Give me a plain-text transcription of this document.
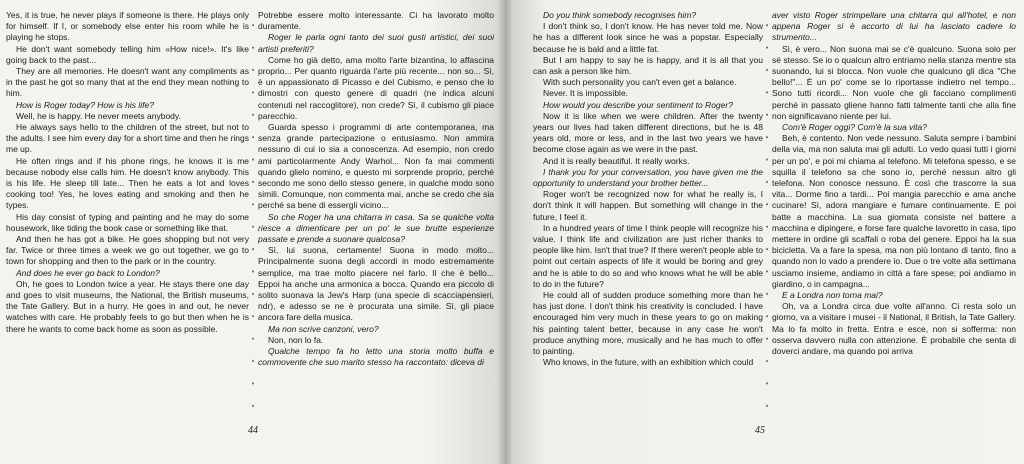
Yes, it is true, he never plays if someone is there. He plays only for himself. If I, or somebody else enter his room while he is playing he stops.

He don't want somebody telling him «How nice!». It's like going back to the past...

They are all memories. He doesn't want any compliments as in the past he got so many that at the end they mean nothing to him.

How is Roger today? How is his life?

Well, he is happy. He never meets anybody.

He always says hello to the children of the street, but not to the adults. I see him every day for a short time and then he rings me up.

He often rings and if his phone rings, he knows it is me because nobody else calls him. He doesn't know anybody. This is his life. He sleep till late... Then he eats a lot and loves cooking too! Yes, he loves eating and smoking and then he types.

His day consist of typing and painting and he may do some housework, like tiding the book case or something like that.

And then he has got a bike. He goes shopping but not very far. Twice or three times a week we go out together, we go to town for shopping and then to the park or in the country.

And does he ever go back to London?

Oh, he goes to London twice a year. He stays there one day and goes to visit museums, the National, the British museums, the Tate Gallery. But in a hurry. He goes in and out, he never watches with care. He probably feels to go but then when he is there he wants to come back home as soon as possible.

Potrebbe essere molto interessante. Ci ha lavorato molto duramente.

Roger le parla ogni tanto dei suoi gusti artistici, dei suoi artisti preferiti?

Come ho già detto, ama molto l'arte bizantina, lo affascina proprio... Per quanto riguarda l'arte più recente... non so... Sì, è un appassionato di Picasso e del Cubismo, e penso che lo dimostri con questo genere di quadri (ne indica alcuni contenuti nel raccoglitore), non crede? Sì, il cubismo gli piace parecchio.

Guarda spesso i programmi di arte contemporanea, ma senza grande partecipazione o entusiasmo. Non ammira nessuno di cui io sia a conoscenza. Ad esempio, non credo ami particolarmente Andy Warhol... Non fa mai commenti quando glielo nomino, e questo mi sorprende proprio, perché secondo me sono dello stesso genere, in qualche modo sono simili. Comunque, non commenta mai, anche se credo che sia perché sa bene di essergli vicino...

So che Roger ha una chitarra in casa. Sa se qualche volta riesce a dimenticare per un po' le sue brutte esperienze passate e prende a suonare qualcosa?

Sì, lui suona, certamente! Suona in modo molto... Principalmente suona degli accordi in modo estremamente semplice, ma trae molto piacere nel farlo. Il che è bello... Eppoi ha anche una armonica a bocca. Quando era piccolo di solito suonava la Jew's Harp (una specie di scacciapensieri, ndr), e adesso se ne è procurata una simile. Sì, gli piace ancora fare della musica.

Ma non scrive canzoni, vero?

Non, non lo fa.

Qualche tempo fa ho letto una storia molto buffa e commovente che suo marito stesso ha raccontato: diceva di

44

Do you think somebody recognises him?

I don't think so, I don't know. He has never told me. Now he has a different look since he was a popstar. Especially because he is bald and a little fat.

But I am happy to say he is happy, and it is all that you can ask a person like him.

With such personality you can't even get a balance.

Never. It is impossible.

How would you describe your sentiment to Roger?

Now it is like when we were children. After the twenty years our lives had taken different directions, but he is 48 years old, more or less, and in the last two years we have become close again as we were in the past.

And it is really beautiful. It really works.

I thank you for your conversation, you have given me the opportunity to understand your brother better...

Roger won't be recognized now for what he really is, I don't think it will happen. But something will change in the future, I feel it.

In a hundred years of time I think people will recognize his value. I think life and civilization are just richer thanks to people like him. Isn't that true? If there weren't people able to point out certain aspects of life it would be boring and grey and he is able to do so and who knows what he will be able to do in the future?

He could all of sudden produce something more than he has just done. I don't think his creativity is concluded. I have encouraged him very much in these years to go on making his painting talent better, because in any case he won't produce anything more, musically and he has much to offer to painting.

Who knows, in the future, with an exhibition which could

aver visto Roger strimpellare una chitarra qui all'hotel, e non appena Roger si è accorto di lui ha lasciato cadere lo strumento...

Sì, è vero... Non suona mai se c'è qualcuno. Suona solo per sé stesso. Se io o qualcun altro entriamo nella stanza mentre sta suonando, lui si blocca. Non vuole che qualcuno gli dica "Che bello!"... È un po' come se lo riportasse indietro nel tempo... Sono tutti ricordi... Non vuole che gli facciano complimenti perché in passato gliene hanno fatti talmente tanti che alla fine non significavano niente per lui.

Com'è Roger oggi? Com'è la sua vita?

Beh, è contento. Non vede nessuno. Saluta sempre i bambini della via, ma non saluta mai gli adulti. Lo vedo quasi tutti i giorni per un po', e poi mi chiama al telefono. Mi telefona spesso, e se squilla il telefono sa che sono io, perché nessun altro gli telefona. Non conosce nessuno. È così che trascorre la sua vita... Dorme fino a tardi... Poi mangia parecchio e ama anche cucinare! Sì, adora mangiare e fumare continuamente. E poi batte a macchina. La sua giornata consiste nel battere a macchina e dipingere, e forse fare qualche lavoretto in casa, tipo mettere in ordine gli scaffali o roba del genere. Eppoi ha la sua bicicletta. Va a fare la spesa, ma non più lontano di tanto, fino a quando non lo vado a prendere io. Due o tre volte alla settimana usciamo insieme, andiamo in città a fare spese; poi andiamo in giardino, o in campagna...

E a Londra non torna mai?

Oh, va a Londra circa due volte all'anno. Ci resta solo un giorno, va a visitare i musei - il National, il British, la Tate Gallery. Ma lo fa molto in fretta. Entra e esce, non si sofferma: non osserva davvero nulla con attenzione. È probabile che senta di doverci andare, ma quando poi arriva

45
